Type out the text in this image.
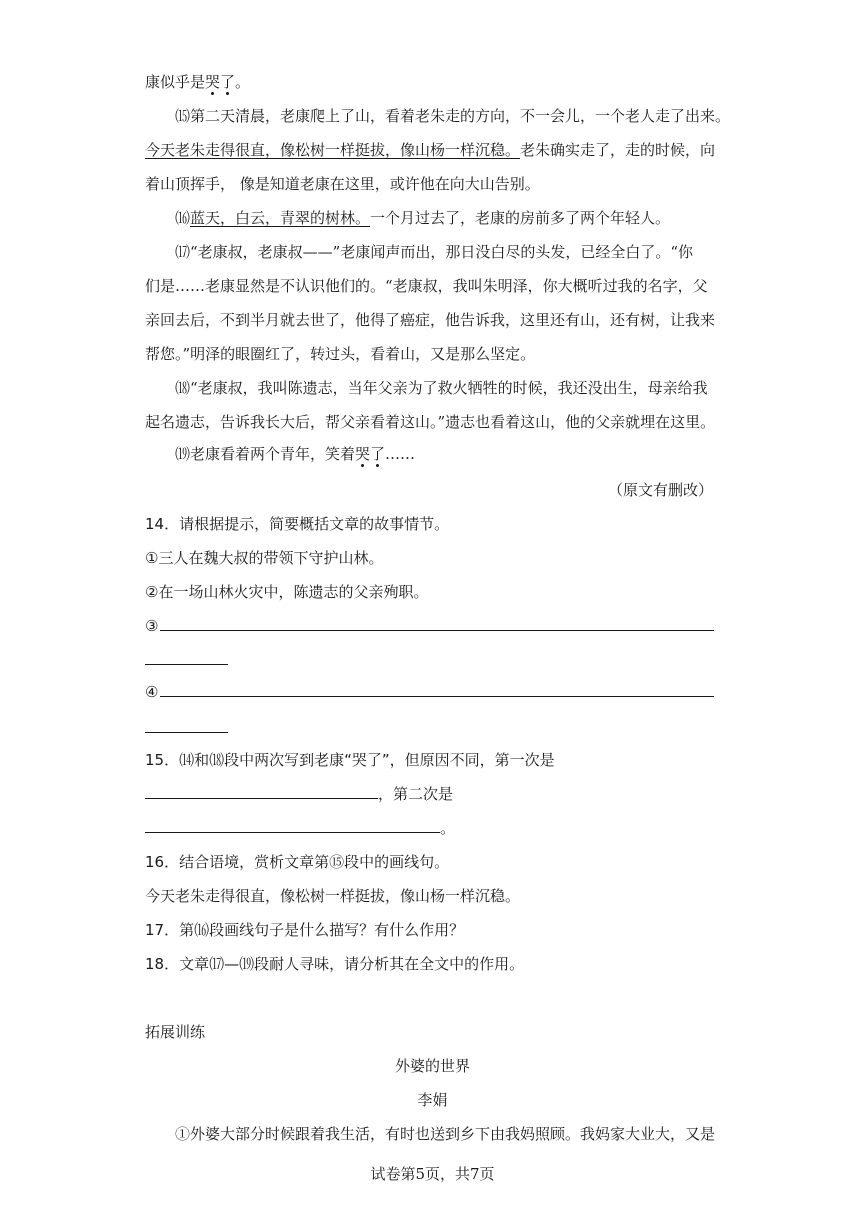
康似乎是哭了。
⒂第二天清晨，老康爬上了山，看着老朱走的方向，不一会儿，一个老人走了出来。
今天老朱走得很直，像松树一样挺拔，像山杨一样沉稳。老朱确实走了，走的时候，向
着山顶挥手， 像是知道老康在这里，或许他在向大山告别。
⒃蓝天，白云，青翠的树林。一个月过去了，老康的房前多了两个年轻人。
⒄“老康叔，老康叔——”老康闻声而出，那日没白尽的头发，已经全白了。“你
们是……老康显然是不认识他们的。“老康叔，我叫朱明泽，你大概听过我的名字，父
亲回去后，不到半月就去世了，他得了癌症，他告诉我，这里还有山，还有树，让我来
帮您。”明泽的眼圈红了，转过头，看着山，又是那么坚定。
⒅“老康叔，我叫陈遗志，当年父亲为了救火牺牲的时候，我还没出生，母亲给我
起名遗志，告诉我长大后，帮父亲看着这山。”遗志也看着这山，他的父亲就埋在这里。
⒆老康看着两个青年，笑着哭了……
（原文有删改）
14．请根据提示，简要概括文章的故事情节。
①三人在魏大叔的带领下守护山林。
②在一场山林火灾中，陈遗志的父亲殉职。
③
④
15．⒁和⒅段中两次写到老康“哭了”，但原因不同，第一次是
，第二次是
。
16．结合语境，赏析文章第⑮段中的画线句。
今天老朱走得很直，像松树一样挺拔，像山杨一样沉稳。
17．第⒃段画线句子是什么描写？有什么作用？
18．文章⒄—⒆段耐人寻味，请分析其在全文中的作用。
拓展训练
外婆的世界
李娟
①外婆大部分时候跟着我生活，有时也送到乡下由我妈照顾。我妈家大业大，又是
试卷第5页，共7页
